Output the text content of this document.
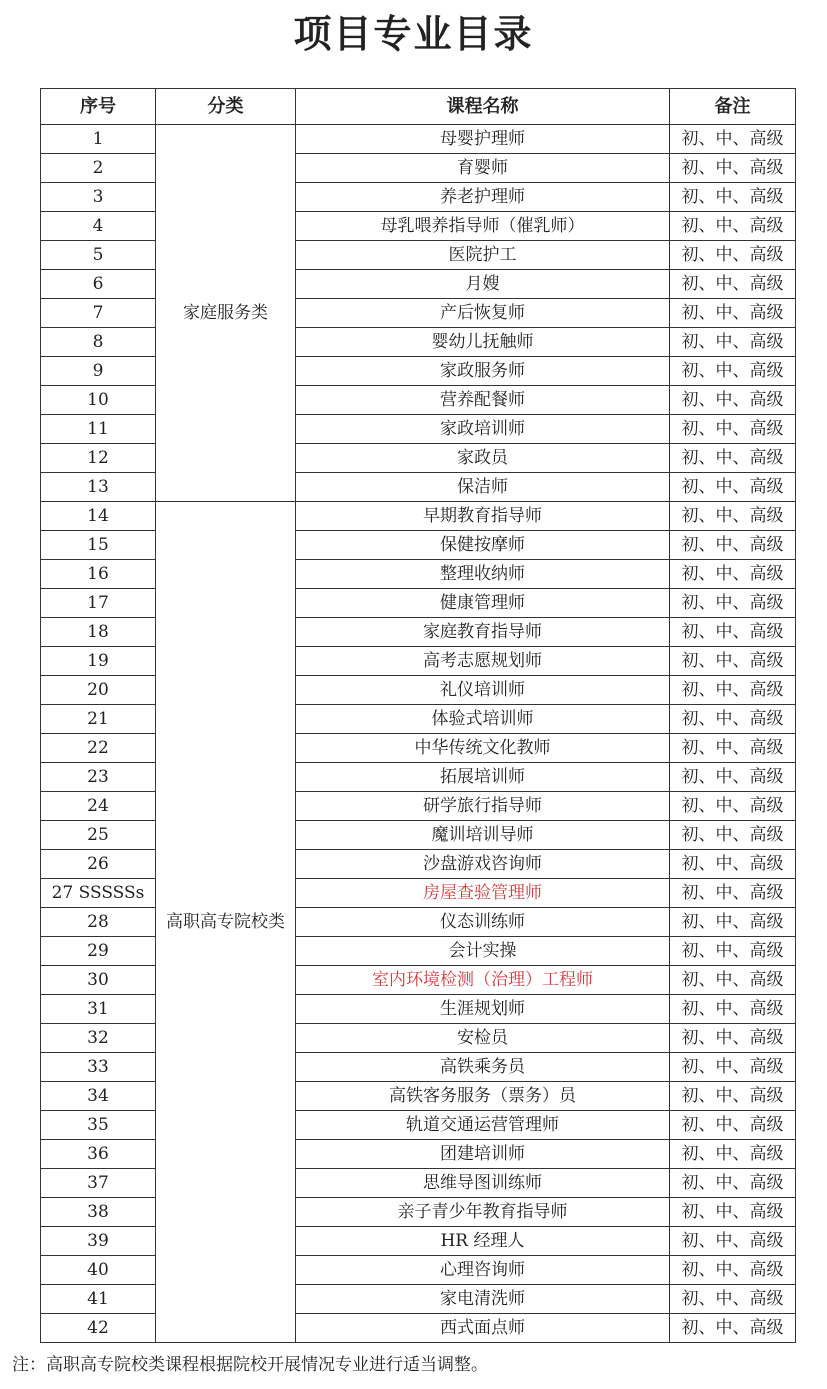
项目专业目录
序号	分类	课程名称	备注
1	家庭服务类	母婴护理师	初、中、高级
2		育婴师	初、中、高级
3		养老护理师	初、中、高级
4		母乳喂养指导师（催乳师）	初、中、高级
5		医院护工	初、中、高级
6		月嫂	初、中、高级
7		产后恢复师	初、中、高级
8		婴幼儿抚触师	初、中、高级
9		家政服务师	初、中、高级
10		营养配餐师	初、中、高级
11		家政培训师	初、中、高级
12		家政员	初、中、高级
13		保洁师	初、中、高级
14	高职高专院校类	早期教育指导师	初、中、高级
15		保健按摩师	初、中、高级
16		整理收纳师	初、中、高级
17		健康管理师	初、中、高级
18		家庭教育指导师	初、中、高级
19		高考志愿规划师	初、中、高级
20		礼仪培训师	初、中、高级
21		体验式培训师	初、中、高级
22		中华传统文化教师	初、中、高级
23		拓展培训师	初、中、高级
24		研学旅行指导师	初、中、高级
25		魔训培训导师	初、中、高级
26		沙盘游戏咨询师	初、中、高级
27 SSSSSs		房屋查验管理师	初、中、高级
28		仪态训练师	初、中、高级
29		会计实操	初、中、高级
30		室内环境检测（治理）工程师	初、中、高级
31		生涯规划师	初、中、高级
32		安检员	初、中、高级
33		高铁乘务员	初、中、高级
34		高铁客务服务（票务）员	初、中、高级
35		轨道交通运营管理师	初、中、高级
36		团建培训师	初、中、高级
37		思维导图训练师	初、中、高级
38		亲子青少年教育指导师	初、中、高级
39		HR 经理人	初、中、高级
40		心理咨询师	初、中、高级
41		家电清洗师	初、中、高级
42		西式面点师	初、中、高级
注：高职高专院校类课程根据院校开展情况专业进行适当调整。
